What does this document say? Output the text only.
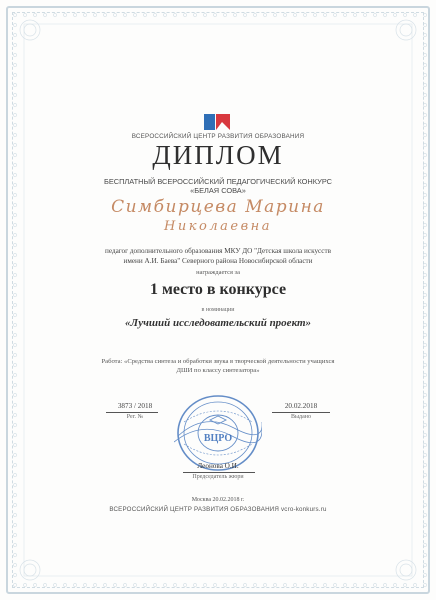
ВСЕРОССИЙСКИЙ ЦЕНТР РАЗВИТИЯ ОБРАЗОВАНИЯ
ДИПЛОМ
БЕСПЛАТНЫЙ ВСЕРОССИЙСКИЙ ПЕДАГОГИЧЕСКИЙ КОНКУРС
«БЕЛАЯ СОВА»
Симбирцева Марина
Николаевна
педагог дополнительного образования МКУ ДО "Детская школа искусств
имени А.И. Баева" Северного района Новосибирской области
награждается за
1 место в конкурсе
в номинации
«Лучший исследовательский проект»
Работа: «Средства синтеза и обработки звука в творческой деятельности учащихся
ДШИ по классу синтезатора»
3873 / 2018
Рег. №
20.02.2018
Выдано
ВЦРО
Леонова О.И.
Председатель жюри
Москва 20.02.2018 г.
ВСЕРОССИЙСКИЙ ЦЕНТР РАЗВИТИЯ ОБРАЗОВАНИЯ vcro-konkurs.ru
